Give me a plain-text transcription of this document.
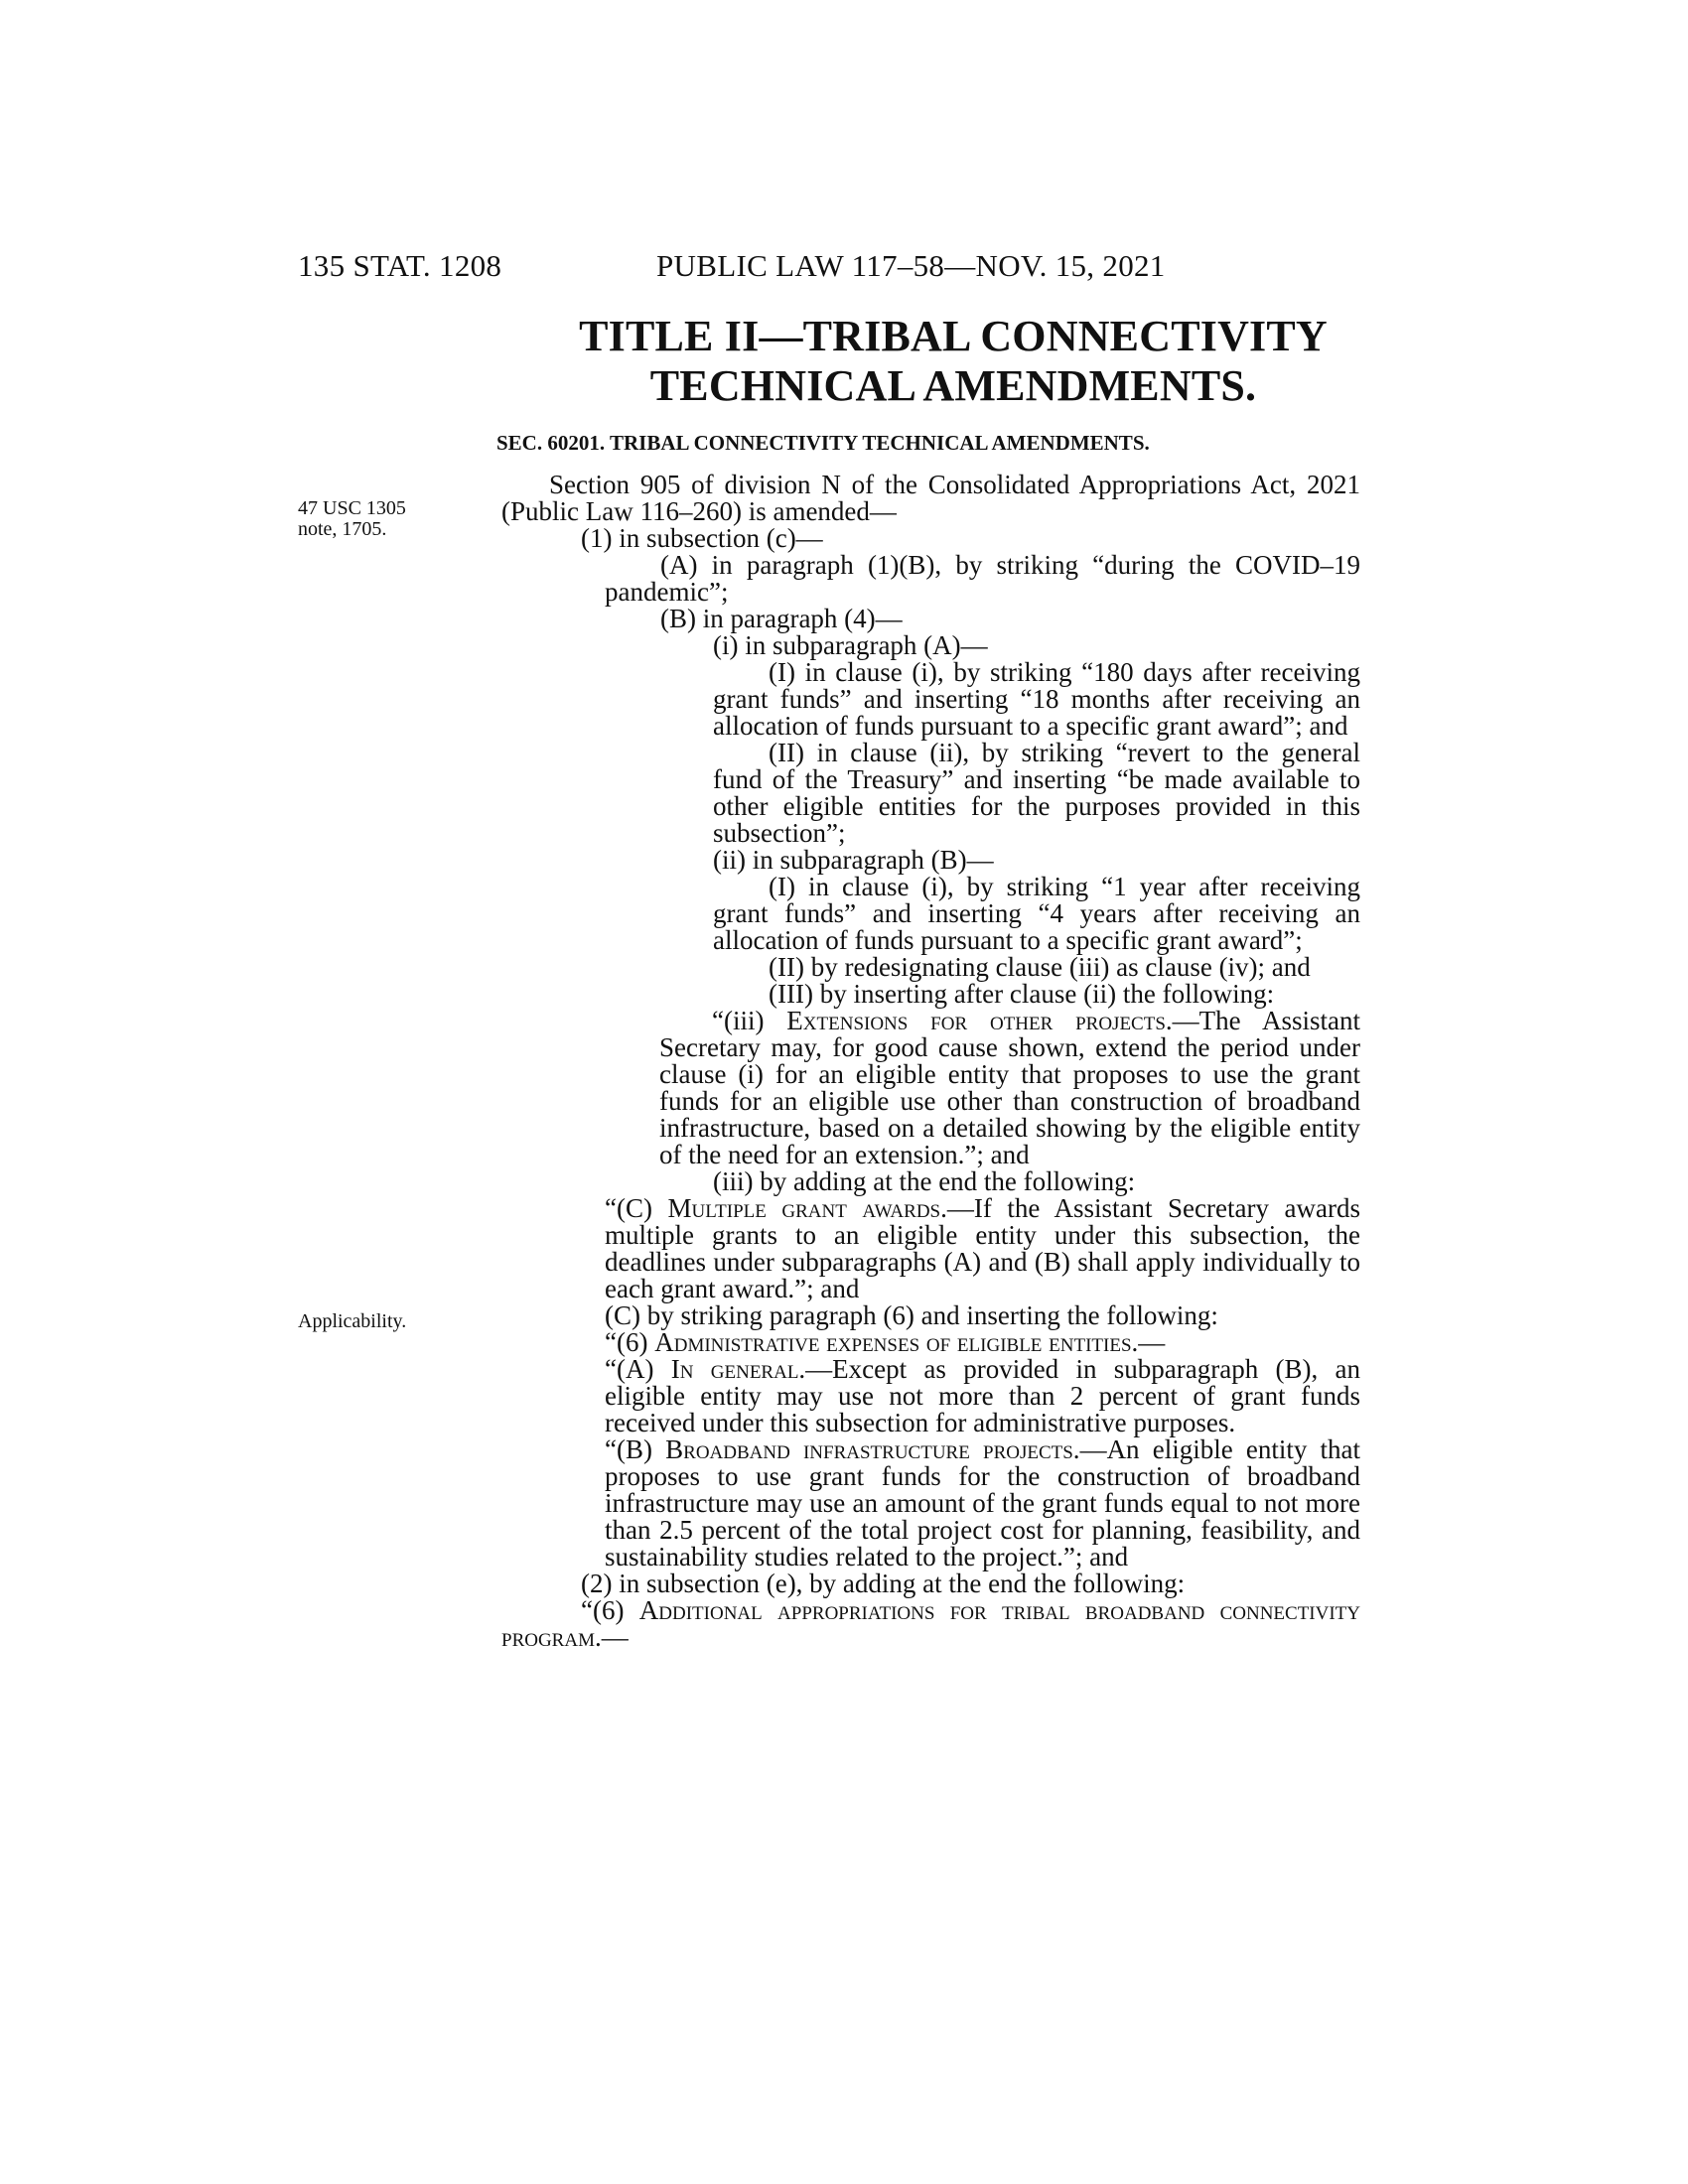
135 STAT. 1208	PUBLIC LAW 117–58—NOV. 15, 2021
TITLE II—TRIBAL CONNECTIVITY
TECHNICAL AMENDMENTS.
SEC. 60201. TRIBAL CONNECTIVITY TECHNICAL AMENDMENTS.
47 USC 1305 note, 1705.
Applicability.

Section 905 of division N of the Consolidated Appropriations Act, 2021 (Public Law 116–260) is amended—

(1) in subsection (c)—

(A) in paragraph (1)(B), by striking “during the COVID–19 pandemic”;

(B) in paragraph (4)—

(i) in subparagraph (A)—

(I) in clause (i), by striking “180 days after receiving grant funds” and inserting “18 months after receiving an allocation of funds pursuant to a specific grant award”; and

(II) in clause (ii), by striking “revert to the general fund of the Treasury” and inserting “be made available to other eligible entities for the purposes provided in this subsection”;

(ii) in subparagraph (B)—

(I) in clause (i), by striking “1 year after receiving grant funds” and inserting “4 years after receiving an allocation of funds pursuant to a specific grant award”;

(II) by redesignating clause (iii) as clause (iv); and

(III) by inserting after clause (ii) the following:

“(iii) Extensions for other projects.—The Assistant Secretary may, for good cause shown, extend the period under clause (i) for an eligible entity that proposes to use the grant funds for an eligible use other than construction of broadband infrastructure, based on a detailed showing by the eligible entity of the need for an extension.”; and

(iii) by adding at the end the following:

“(C) Multiple grant awards.—If the Assistant Secretary awards multiple grants to an eligible entity under this subsection, the deadlines under subparagraphs (A) and (B) shall apply individually to each grant award.”; and

(C) by striking paragraph (6) and inserting the following:

“(6) Administrative expenses of eligible entities.—

“(A) In general.—Except as provided in subparagraph (B), an eligible entity may use not more than 2 percent of grant funds received under this subsection for administrative purposes.

“(B) Broadband infrastructure projects.—An eligible entity that proposes to use grant funds for the construction of broadband infrastructure may use an amount of the grant funds equal to not more than 2.5 percent of the total project cost for planning, feasibility, and sustainability studies related to the project.”; and

(2) in subsection (e), by adding at the end the following:

“(6) Additional appropriations for tribal broadband connectivity program.—
